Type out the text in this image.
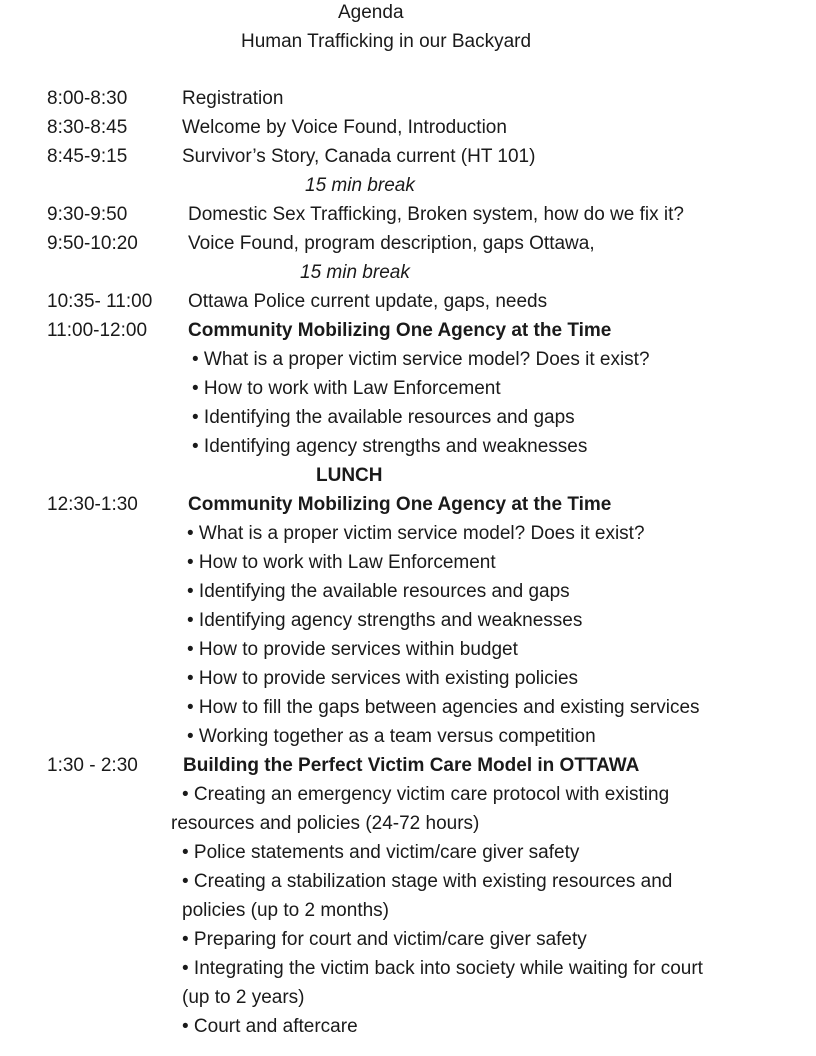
Agenda
Human Trafficking in our Backyard
8:00-8:30	Registration
8:30-8:45	Welcome by Voice Found, Introduction
8:45-9:15	Survivor’s Story, Canada current (HT 101)
15 min break
9:30-9:50	Domestic Sex Trafficking, Broken system, how do we fix it?
9:50-10:20	Voice Found, program description, gaps Ottawa,
15 min break
10:35- 11:00 Ottawa Police current update, gaps, needs
11:00-12:00 Community Mobilizing One Agency at the Time
• What is a proper victim service model? Does it exist?
• How to work with Law Enforcement
• Identifying the available resources and gaps
• Identifying agency strengths and weaknesses
LUNCH
12:30-1:30	Community Mobilizing One Agency at the Time
• What is a proper victim service model? Does it exist?
• How to work with Law Enforcement
• Identifying the available resources and gaps
• Identifying agency strengths and weaknesses
• How to provide services within budget
• How to provide services with existing policies
• How to fill the gaps between agencies and existing services
• Working together as a team versus competition
1:30 - 2:30 Building the Perfect Victim Care Model in OTTAWA
• Creating an emergency victim care protocol with existing
resources and policies (24-72 hours)
• Police statements and victim/care giver safety
• Creating a stabilization stage with existing resources and
policies (up to 2 months)
• Preparing for court and victim/care giver safety
• Integrating the victim back into society while waiting for court
(up to 2 years)
• Court and aftercare
